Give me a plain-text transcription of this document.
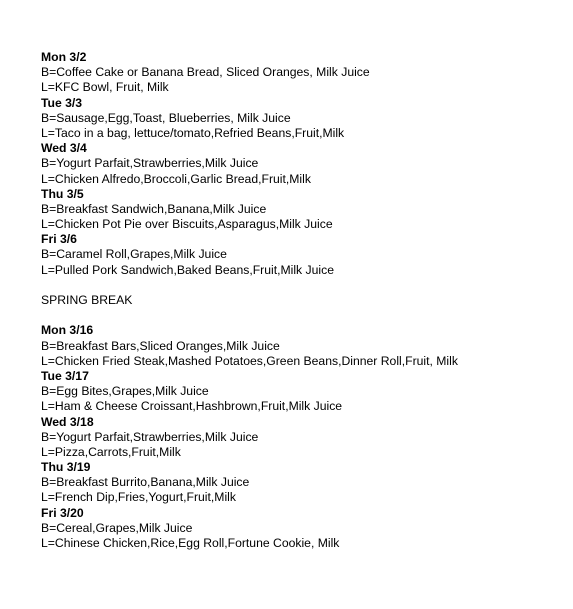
Mon 3/2
B=Coffee Cake or Banana Bread, Sliced Oranges, Milk Juice
L=KFC Bowl, Fruit, Milk
Tue 3/3
B=Sausage,Egg,Toast, Blueberries, Milk Juice
L=Taco in a bag, lettuce/tomato,Refried Beans,Fruit,Milk
Wed 3/4
B=Yogurt Parfait,Strawberries,Milk Juice
L=Chicken Alfredo,Broccoli,Garlic Bread,Fruit,Milk
Thu 3/5
B=Breakfast Sandwich,Banana,Milk Juice
L=Chicken Pot Pie over Biscuits,Asparagus,Milk Juice
Fri 3/6
B=Caramel Roll,Grapes,Milk Juice
L=Pulled Pork Sandwich,Baked Beans,Fruit,Milk Juice
SPRING BREAK
Mon 3/16
B=Breakfast Bars,Sliced Oranges,Milk Juice
L=Chicken Fried Steak,Mashed Potatoes,Green Beans,Dinner Roll,Fruit, Milk
Tue 3/17
B=Egg Bites,Grapes,Milk Juice
L=Ham & Cheese Croissant,Hashbrown,Fruit,Milk Juice
Wed 3/18
B=Yogurt Parfait,Strawberries,Milk Juice
L=Pizza,Carrots,Fruit,Milk
Thu 3/19
B=Breakfast Burrito,Banana,Milk Juice
L=French Dip,Fries,Yogurt,Fruit,Milk
Fri 3/20
B=Cereal,Grapes,Milk Juice
L=Chinese Chicken,Rice,Egg Roll,Fortune Cookie, Milk
